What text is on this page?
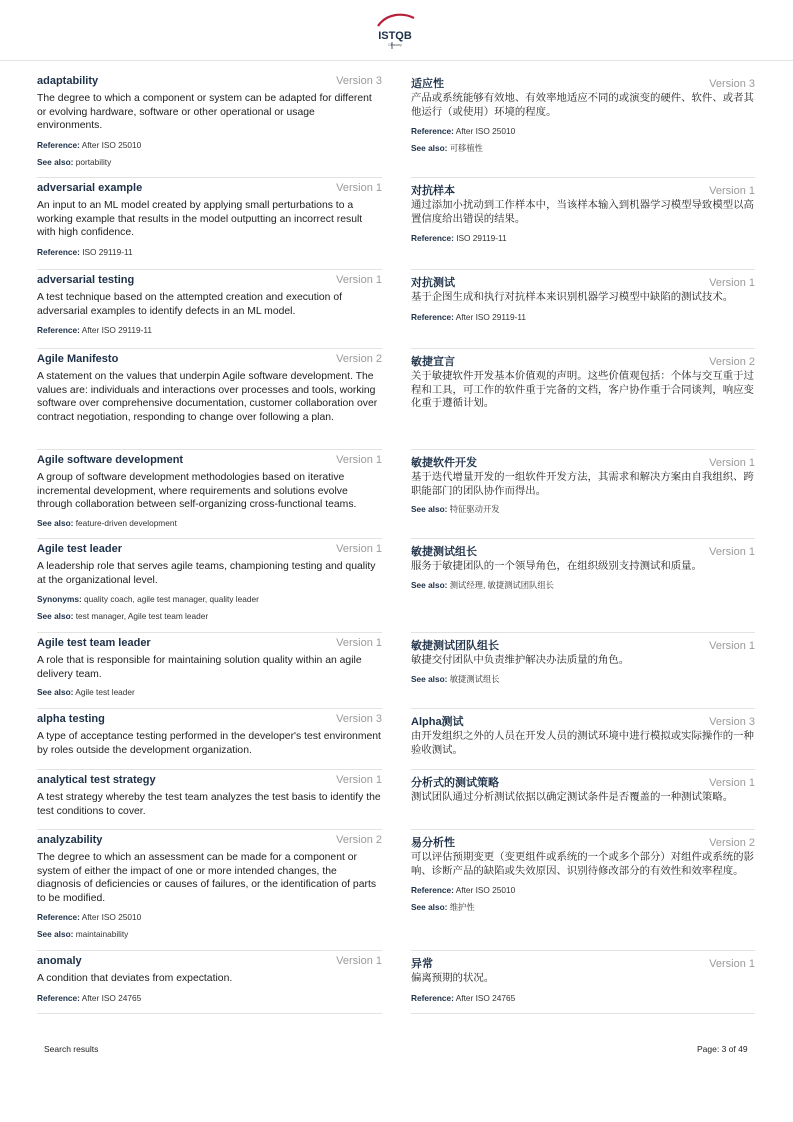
ISTQB
Glossary
adaptability	Version 3
The degree to which a component or system can be adapted for different or evolving hardware, software or other operational or usage environments.
Reference: After ISO 25010
See also: portability
adversarial example	Version 1
An input to an ML model created by applying small perturbations to a working example that results in the model outputting an incorrect result with high confidence.
Reference: ISO 29119-11
adversarial testing	Version 1
A test technique based on the attempted creation and execution of adversarial examples to identify defects in an ML model.
Reference: After ISO 29119-11
Agile Manifesto	Version 2
A statement on the values that underpin Agile software development. The values are: individuals and interactions over processes and tools, working software over comprehensive documentation, customer collaboration over contract negotiation, responding to change over following a plan.
Agile software development	Version 1
A group of software development methodologies based on iterative incremental development, where requirements and solutions evolve through collaboration between self-organizing cross-functional teams.
See also: feature-driven development
Agile test leader	Version 1
A leadership role that serves agile teams, championing testing and quality at the organizational level.
Synonyms: quality coach, agile test manager, quality leader
See also: test manager, Agile test team leader
Agile test team leader	Version 1
A role that is responsible for maintaining solution quality within an agile delivery team.
See also: Agile test leader
alpha testing	Version 3
A type of acceptance testing performed in the developer's test environment by roles outside the development organization.
analytical test strategy	Version 1
A test strategy whereby the test team analyzes the test basis to identify the test conditions to cover.
analyzability	Version 2
The degree to which an assessment can be made for a component or system of either the impact of one or more intended changes, the diagnosis of deficiencies or causes of failures, or the identification of parts to be modified.
Reference: After ISO 25010
See also: maintainability
anomaly	Version 1
A condition that deviates from expectation.
Reference: After ISO 24765
适应性	Version 3
产品或系统能够有效地、有效率地适应不同的或演变的硬件、软件、或者其他运行（或使用）环境的程度。
Reference: After ISO 25010
See also: 可移植性
对抗样本	Version 1
通过添加小扰动到工作样本中，当该样本输入到机器学习模型导致模型以高置信度给出错误的结果。
Reference: ISO 29119-11
对抗测试	Version 1
基于企图生成和执行对抗样本来识别机器学习模型中缺陷的测试技术。
Reference: After ISO 29119-11
敏捷宣言	Version 2
关于敏捷软件开发基本价值观的声明。这些价值观包括：个体与交互重于过程和工具，可工作的软件重于完备的文档，客户协作重于合同谈判，响应变化重于遵循计划。
敏捷软件开发	Version 1
基于迭代增量开发的一组软件开发方法，其需求和解决方案由自我组织、跨职能部门的团队协作而得出。
See also: 特征驱动开发
敏捷测试组长	Version 1
服务于敏捷团队的一个领导角色，在组织级别支持测试和质量。
See also: 测试经理, 敏捷测试团队组长
敏捷测试团队组长	Version 1
敏捷交付团队中负责维护解决办法质量的角色。
See also: 敏捷测试组长
Alpha测试	Version 3
由开发组织之外的人员在开发人员的测试环境中进行模拟或实际操作的一种验收测试。
分析式的测试策略	Version 1
测试团队通过分析测试依据以确定测试条件是否覆盖的一种测试策略。
易分析性	Version 2
可以评估预期变更（变更组件或系统的一个或多个部分）对组件或系统的影响、诊断产品的缺陷或失效原因、识别待修改部分的有效性和效率程度。
Reference: After ISO 25010
See also: 维护性
异常	Version 1
偏离预期的状况。
Reference: After ISO 24765
Search results	Page: 3 of 49
